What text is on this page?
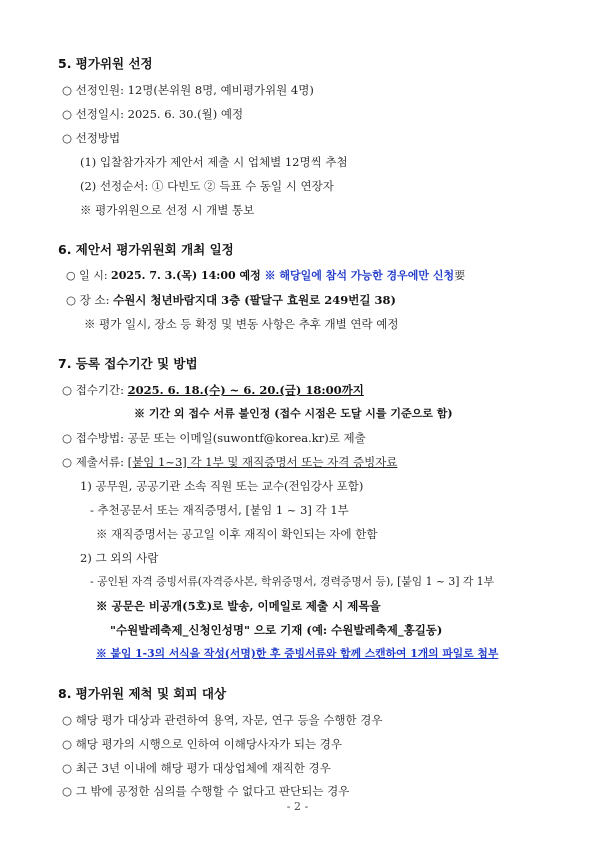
5. 평가위원 선정
○ 선정인원: 12명(본위원 8명, 예비평가위원 4명)
○ 선정일시: 2025. 6. 30.(월) 예정
○ 선정방법
(1) 입찰참가자가 제안서 제출 시 업체별 12명씩 추첨
(2) 선정순서: ① 다빈도 ② 득표 수 동일 시 연장자
※ 평가위원으로 선정 시 개별 통보
6. 제안서 평가위원회 개최 일정
○ 일 시: 2025. 7. 3.(목) 14:00 예정 ※ 해당일에 참석 가능한 경우에만 신청要
○ 장 소: 수원시 청년바람지대 3층 (팔달구 효원로 249번길 38)
※ 평가 일시, 장소 등 확정 및 변동 사항은 추후 개별 연락 예정
7. 등록 접수기간 및 방법
○ 접수기간: 2025. 6. 18.(수) ~ 6. 20.(금) 18:00까지
※ 기간 외 접수 서류 불인정 (접수 시점은 도달 시를 기준으로 함)
○ 접수방법: 공문 또는 이메일(suwontf@korea.kr)로 제출
○ 제출서류: [붙임 1~3] 각 1부 및 재직증명서 또는 자격 증빙자료
1) 공무원, 공공기관 소속 직원 또는 교수(전임강사 포함)
- 추천공문서 또는 재직증명서, [붙임 1 ~ 3] 각 1부
※ 재직증명서는 공고일 이후 재직이 확인되는 자에 한함
2) 그 외의 사람
- 공인된 자격 증빙서류(자격증사본, 학위증명서, 경력증명서 등), [붙임 1 ~ 3] 각 1부
※ 공문은 비공개(5호)로 발송, 이메일로 제출 시 제목을
"수원발레축제_신청인성명" 으로 기재 (예: 수원발레축제_홍길동)
※ 붙임 1-3의 서식을 작성(서명)한 후 증빙서류와 함께 스캔하여 1개의 파일로 첨부
8. 평가위원 제척 및 회피 대상
○ 해당 평가 대상과 관련하여 용역, 자문, 연구 등을 수행한 경우
○ 해당 평가의 시행으로 인하여 이해당사자가 되는 경우
○ 최근 3년 이내에 해당 평가 대상업체에 재직한 경우
○ 그 밖에 공정한 심의를 수행할 수 없다고 판단되는 경우
- 2 -
